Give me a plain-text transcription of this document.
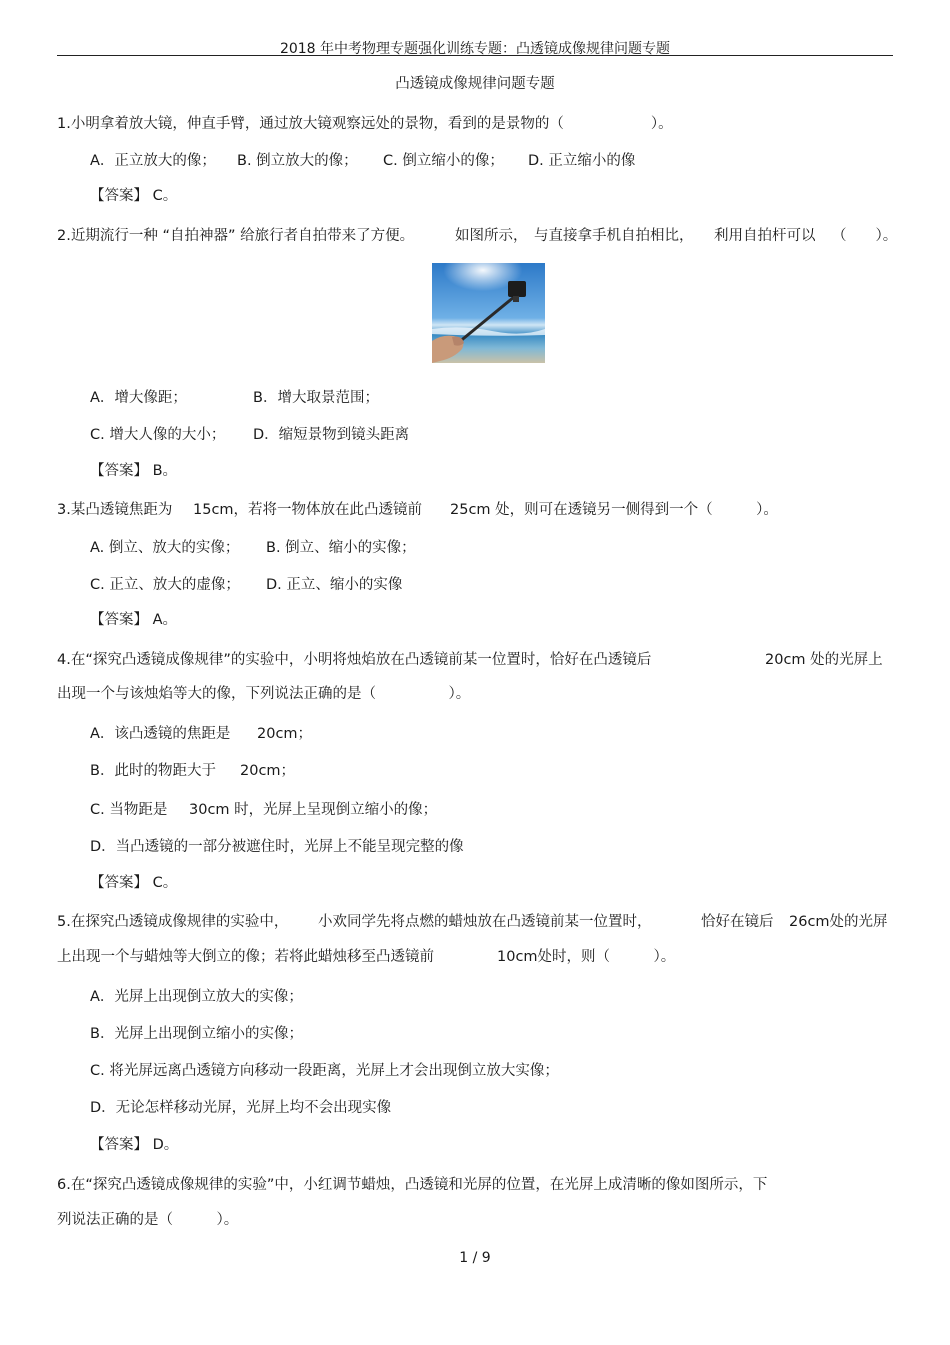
2018 年中考物理专题强化训练专题：凸透镜成像规律问题专题
凸透镜成像规律问题专题
1.小明拿着放大镜，伸直手臂，通过放大镜观察远处的景物，看到的是景物的（　　　　　　）。
A．正立放大的像； B. 倒立放大的像； C. 倒立缩小的像； D. 正立缩小的像
【答案】 C。
2.近期流行一种 “自拍神器” 给旅行者自拍带来了方便。	如图所示， 与直接拿手机自拍相比， 利用自拍杆可以 （　　）。
A．增大像距；	B．增大取景范围；
C. 增大人像的大小； D．缩短景物到镜头距离
【答案】 B。
3.某凸透镜焦距为 15cm，若将一物体放在此凸透镜前 25cm 处，则可在透镜另一侧得到一个（　　　）。
A. 倒立、放大的实像； B. 倒立、缩小的实像；
C. 正立、放大的虚像； D. 正立、缩小的实像
【答案】 A。
4.在“探究凸透镜成像规律”的实验中，小明将烛焰放在凸透镜前某一位置时，恰好在凸透镜后	20cm 处的光屏上
出现一个与该烛焰等大的像，下列说法正确的是（　　　　　）。
A．该凸透镜的焦距是 20cm；
B．此时的物距大于 20cm；
C. 当物距是 30cm 时，光屏上呈现倒立缩小的像；
D．当凸透镜的一部分被遮住时，光屏上不能呈现完整的像
【答案】 C。
5.在探究凸透镜成像规律的实验中， 小欢同学先将点燃的蜡烛放在凸透镜前某一位置时，	恰好在镜后 26cm处的光屏
上出现一个与蜡烛等大倒立的像；若将此蜡烛移至凸透镜前	10cm处时，则（　　　）。
A．光屏上出现倒立放大的实像；
B．光屏上出现倒立缩小的实像；
C. 将光屏远离凸透镜方向移动一段距离，光屏上才会出现倒立放大实像；
D．无论怎样移动光屏，光屏上均不会出现实像
【答案】 D。
6.在“探究凸透镜成像规律的实验”中，小红调节蜡烛，凸透镜和光屏的位置，在光屏上成清晰的像如图所示，下
列说法正确的是（　　　）。
1 / 9
